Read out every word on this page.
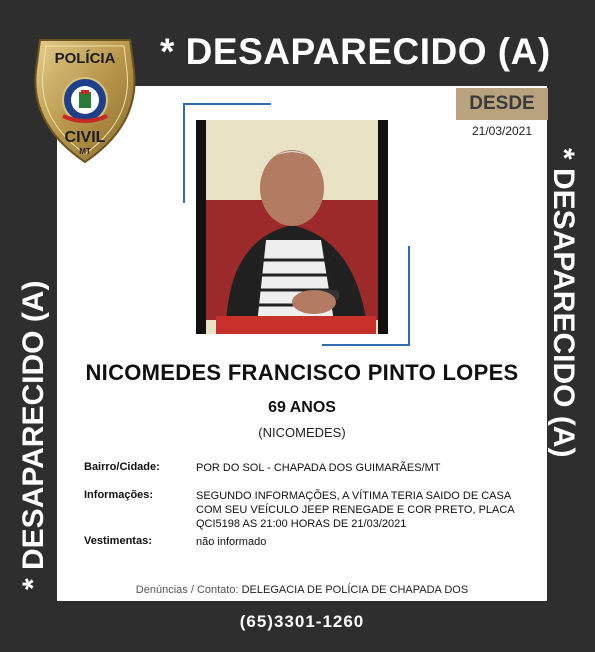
* DESAPARECIDO (A)
POLÍCIA
CIVIL
MT
* DESAPARECIDO (A)	* DESAPARECIDO (A)
DESDE
21/03/2021
NICOMEDES FRANCISCO PINTO LOPES
69 ANOS
(NICOMEDES)
Bairro/Cidade:	POR DO SOL - CHAPADA DOS GUIMARÃES/MT
Informações:	SEGUNDO INFORMAÇÕES, A VÍTIMA TERIA SAIDO DE CASA COM SEU VEÍCULO JEEP RENEGADE E COR PRETO, PLACA QCI5198 AS 21:00 HORAS DE 21/03/2021
Vestimentas:	não informado
Denúncias / Contato: DELEGACIA DE POLÍCIA DE CHAPADA DOS
(65)3301-1260
